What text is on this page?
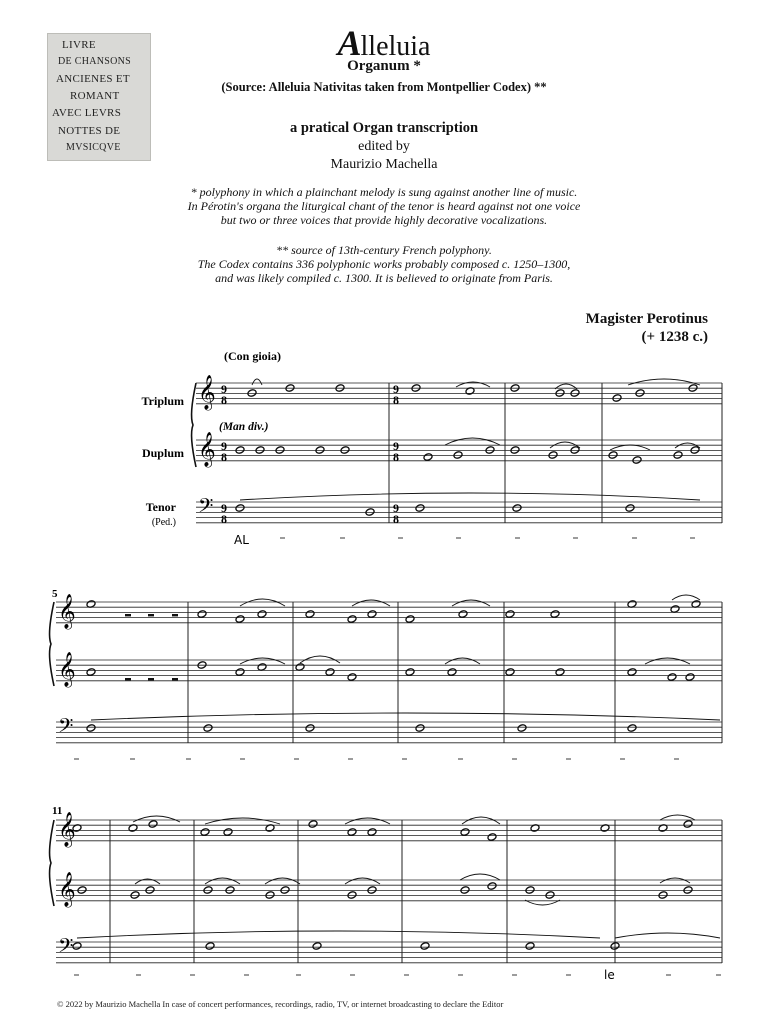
LIVRE
DE CHANSONS
ANCIENES ET
ROMANT
AVEC LEVRS
NOTTES DE
MVSICQVE
Alleluia
Organum *
(Source: Alleluia Nativitas taken from Montpellier Codex) **
a pratical Organ transcription
edited by
Maurizio Machella
* polyphony in which a plainchant melody is sung against another line of music.
In Pérotin's organa the liturgical chant of the tenor is heard against not one voice
but two or three voices that provide highly decorative vocalizations.
** source of 13th-century French polyphony.
The Codex contains 336 polyphonic works probably composed c. 1250–1300,
and was likely compiled c. 1300. It is believed to originate from Paris.
Magister Perotinus
(+ 1238 c.)
(Con gioia)
(Man div.)
Triplum
Duplum
Tenor
(Ped.)
5
11
AL
le
𝄞 9
8
𝄞 9
8
𝄢 9
8
9
8
9
8
9
8
𝄞
𝄞
𝄢
𝄞
𝄞
𝄢
© 2022 by Maurizio Machella In case of concert performances, recordings, radio, TV, or internet broadcasting to declare the Editor
